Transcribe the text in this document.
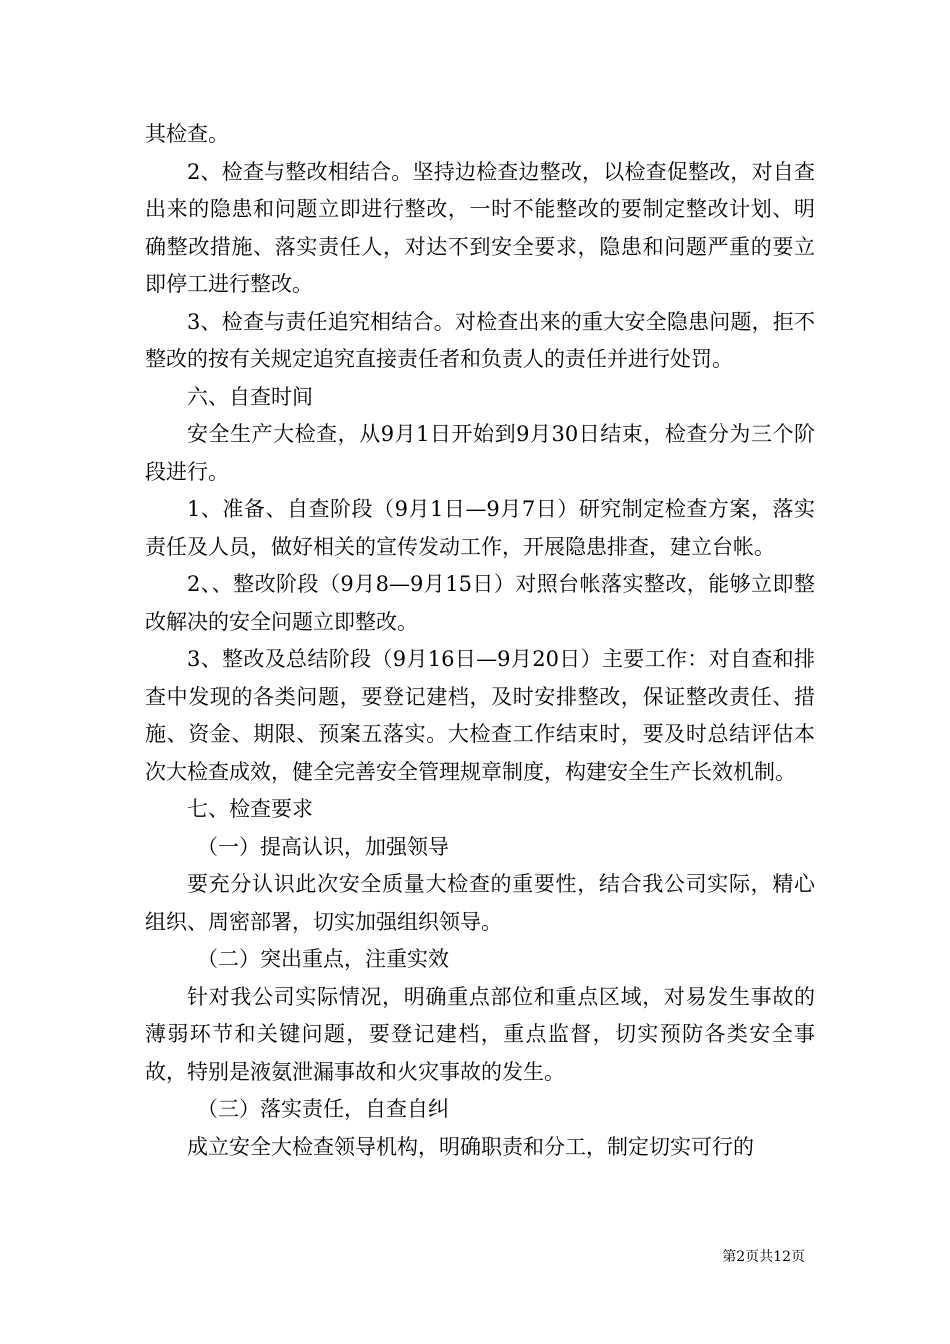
其检查。

2、检查与整改相结合。坚持边检查边整改，以检查促整改，对自查出来的隐患和问题立即进行整改，一时不能整改的要制定整改计划、明确整改措施、落实责任人，对达不到安全要求，隐患和问题严重的要立即停工进行整改。

3、检查与责任追究相结合。对检查出来的重大安全隐患问题，拒不整改的按有关规定追究直接责任者和负责人的责任并进行处罚。

六、自查时间

安全生产大检查，从9月1日开始到9月30日结束，检查分为三个阶段进行。

1、准备、自查阶段（9月1日—9月7日）研究制定检查方案，落实责任及人员，做好相关的宣传发动工作，开展隐患排查，建立台帐。

2、、整改阶段（9月8—9月15日）对照台帐落实整改，能够立即整改解决的安全问题立即整改。

3、整改及总结阶段（9月16日—9月20日）主要工作：对自查和排查中发现的各类问题，要登记建档，及时安排整改，保证整改责任、措施、资金、期限、预案五落实。大检查工作结束时，要及时总结评估本次大检查成效，健全完善安全管理规章制度，构建安全生产长效机制。

七、检查要求

（一）提高认识，加强领导

要充分认识此次安全质量大检查的重要性，结合我公司实际，精心组织、周密部署，切实加强组织领导。

（二）突出重点，注重实效

针对我公司实际情况，明确重点部位和重点区域，对易发生事故的薄弱环节和关键问题，要登记建档，重点监督，切实预防各类安全事故，特别是液氨泄漏事故和火灾事故的发生。

（三）落实责任，自查自纠

成立安全大检查领导机构，明确职责和分工，制定切实可行的

第2页共12页
